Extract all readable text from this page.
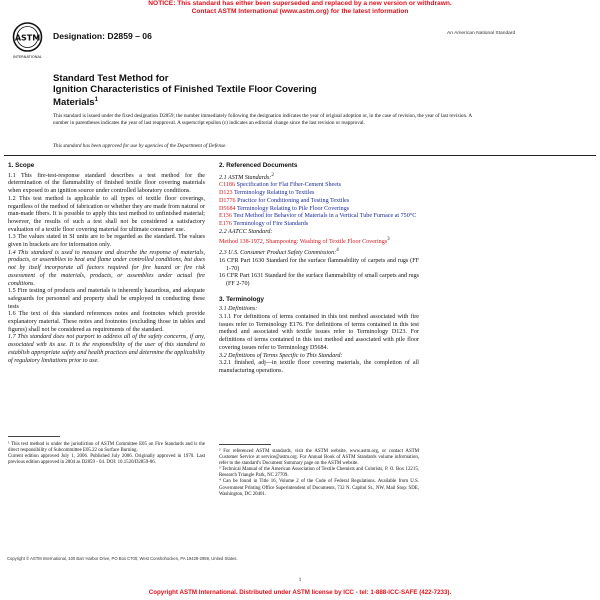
NOTICE: This standard has either been superseded and replaced by a new version or withdrawn.
Contact ASTM International (www.astm.org) for the latest information
ASTM
INTERNATIONAL
Designation: D2859 – 06	An American National Standard
Standard Test Method for
Ignition Characteristics of Finished Textile Floor Covering
Materials$^1$
This standard is issued under the fixed designation D2859; the number immediately following the designation indicates the year of original adoption or, in the case of revision, the year of last revision. A number in parentheses indicates the year of last reapproval. A superscript epsilon (ε) indicates an editorial change since the last revision or reapproval.
This standard has been approved for use by agencies of the Department of Defense.

1. Scope

1.1 This fire-test-response standard describes a test method for the determination of the flammability of finished textile floor covering materials when exposed to an ignition source under controlled laboratory conditions.

1.2 This test method is applicable to all types of textile floor coverings, regardless of the method of fabrication or whether they are made from natural or man-made fibers. It is possible to apply this test method to unfinished material; however, the results of such a test shall not be considered a satisfactory evaluation of a textile floor covering material for ultimate consumer use.

1.3 The values stated in SI units are to be regarded as the standard. The values given in brackets are for information only.

1.4 This standard is used to measure and describe the response of materials, products, or assemblies to heat and flame under controlled conditions, but does not by itself incorporate all factors required for fire hazard or fire risk assessment of the materials, products, or assemblies under actual fire conditions.

1.5 Fire testing of products and materials is inherently hazardous, and adequate safeguards for personnel and property shall be employed in conducting these tests

1.6 The text of this standard references notes and footnotes which provide explanatory material. These notes and footnotes (excluding those in tables and figures) shall not be considered as requirements of the standard.

1.7 This standard does not purport to address all of the safety concerns, if any, associated with its use. It is the responsibility of the user of this standard to establish appropriate safety and health practices and determine the applicability of regulatory limitations prior to use.

¹ This test method is under the jurisdiction of ASTM Committee E05 on Fire Standards and is the direct responsibility of Subcommittee E05.22 on Surface Burning.

Current edition approved July 1, 2006. Published July 2006. Originally approved in 1970. Last previous edition approved in 2004 as D2859 - 04. DOI: 10.1520/D2859-06.

2. Referenced Documents

2.1 ASTM Standards:$^2$

C1186 Specification for Flat Fiber-Cement Sheets

D123 Terminology Relating to Textiles

D1776 Practice for Conditioning and Testing Textiles

D5684 Terminology Relating to Pile Floor Coverings

E136 Test Method for Behavior of Materials in a Vertical Tube Furnace at 750°C

E176 Terminology of Fire Standards

2.2 AATCC Standard:

Method 138-1972, Shampooing: Washing of Textile Floor Coverings$^3$

2.3 U.S. Consumer Product Safety Commission:$^4$

16 CFR Part 1630 Standard for the surface flammability of carpets and rugs (FF 1-70)

16 CFR Part 1631 Standard for the surface flammability of small carpets and rugs (FF 2-70)

3. Terminology

3.1 Definitions:

3.1.1 For definitions of terms contained in this test method associated with fire issues refer to Terminology E176. For definitions of terms contained in this test method and associated with textile issues refer to Terminology D123. For definitions of terms contained in this test method and associated with pile floor covering issues refer to Terminology D5684.

3.2 Definitions of Terms Specific to This Standard:

3.2.1 finished, adj—in textile floor covering materials, the completion of all manufacturing operations.

² For referenced ASTM standards, visit the ASTM website, www.astm.org, or contact ASTM Customer Service at service@astm.org. For Annual Book of ASTM Standards volume information, refer to the standard's Document Summary page on the ASTM website.

³ Technical Manual of the American Association of Textile Chemists and Colorists, P. O. Box 12215, Research Triangle Park, NC 27709.

⁴ Can be found in Title 16, Volume 2 of the Code of Federal Regulations. Available from U.S. Government Printing Office Superintendent of Documents, 732 N. Capitol St., NW, Mail Stop: SDE, Washington, DC 20401.

Copyright © ASTM International, 100 Barr Harbor Drive, PO Box C700, West Conshohocken, PA 19428-2959, United States.
1
Copyright ASTM International. Distributed under ASTM license by ICC - tel: 1-888-ICC-SAFE (422-7233).
